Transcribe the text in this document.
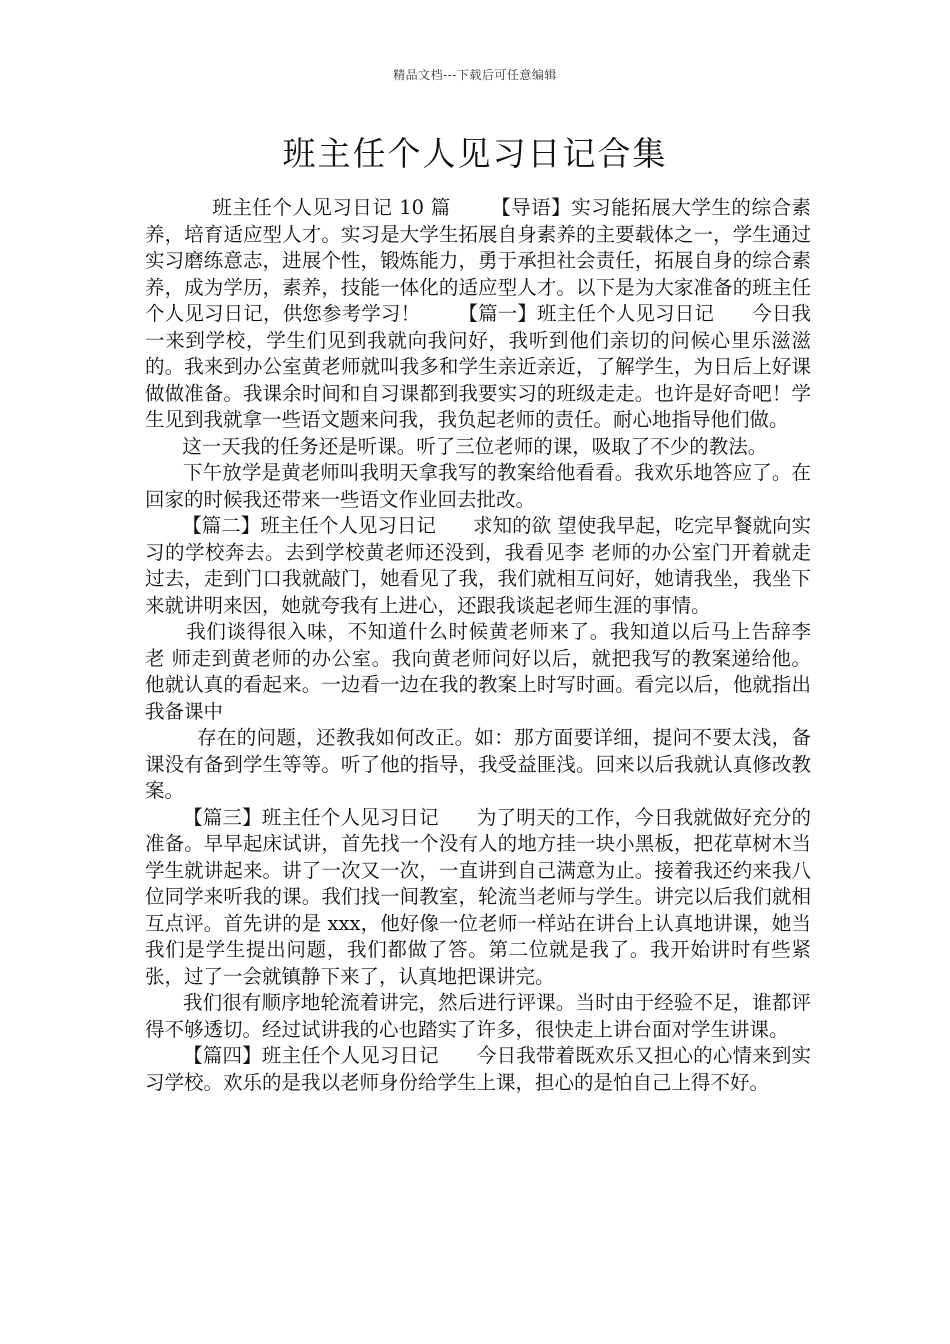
精品文档---下载后可任意编辑
班主任个人见习日记合集

班主任个人见习日记 10 篇      【导语】实习能拓展大学生的综合素养，培育适应型人才。实习是大学生拓展自身素养的主要载体之一，学生通过实习磨练意志，进展个性，锻炼能力，勇于承担社会责任，拓展自身的综合素养，成为学历，素养，技能一体化的适应型人才。以下是为大家准备的班主任个人见习日记，供您参考学习！      【篇一】班主任个人见习日记      今日我一来到学校，学生们见到我就向我问好，我听到他们亲切的问候心里乐滋滋的。我来到办公室黄老师就叫我多和学生亲近亲近，了解学生，为日后上好课做做准备。我课余时间和自习课都到我要实习的班级走走。也许是好奇吧！学生见到我就拿一些语文题来问我，我负起老师的责任。耐心地指导他们做。

这一天我的任务还是听课。听了三位老师的课，吸取了不少的教法。

下午放学是黄老师叫我明天拿我写的教案给他看看。我欢乐地答应了。在回家的时候我还带来一些语文作业回去批改。

【篇二】班主任个人见习日记      求知的欲 望使我早起，吃完早餐就向实习的学校奔去。去到学校黄老师还没到，我看见李 老师的办公室门开着就走过去，走到门口我就敲门，她看见了我，我们就相互问好，她请我坐，我坐下来就讲明来因，她就夸我有上进心，还跟我谈起老师生涯的事情。

我们谈得很入味，不知道什么时候黄老师来了。我知道以后马上告辞李 老 师走到黄老师的办公室。我向黄老师问好以后，就把我写的教案递给他。他就认真的看起来。一边看一边在我的教案上时写时画。看完以后，他就指出我备课中

存在的问题，还教我如何改正。如：那方面要详细，提问不要太浅，备课没有备到学生等等。听了他的指导，我受益匪浅。回来以后我就认真修改教案。

【篇三】班主任个人见习日记      为了明天的工作，今日我就做好充分的准备。早早起床试讲，首先找一个没有人的地方挂一块小黑板，把花草树木当学生就讲起来。讲了一次又一次，一直讲到自己满意为止。接着我还约来我八位同学来听我的课。我们找一间教室，轮流当老师与学生。讲完以后我们就相互点评。首先讲的是 xxx，他好像一位老师一样站在讲台上认真地讲课，她当我们是学生提出问题，我们都做了答。第二位就是我了。我开始讲时有些紧张，过了一会就镇静下来了，认真地把课讲完。

我们很有顺序地轮流着讲完，然后进行评课。当时由于经验不足，谁都评得不够透切。经过试讲我的心也踏实了许多，很快走上讲台面对学生讲课。

【篇四】班主任个人见习日记      今日我带着既欢乐又担心的心情来到实习学校。欢乐的是我以老师身份给学生上课，担心的是怕自己上得不好。
